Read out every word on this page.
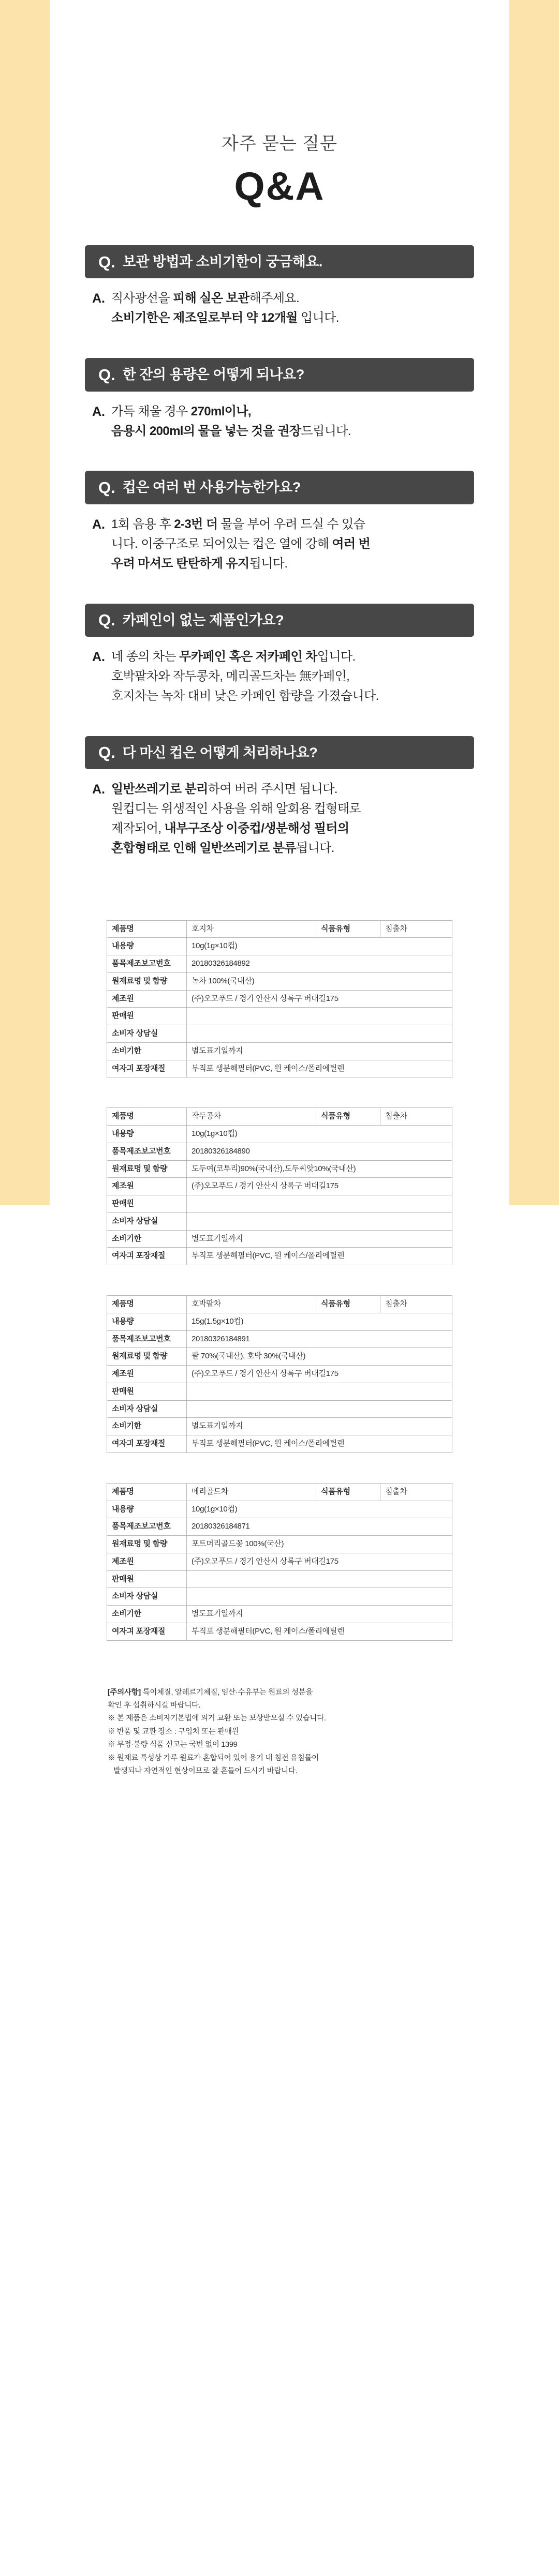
자주 묻는 질문
Q&A
Q. 보관 방법과 소비기한이 궁금해요.
A. 직사광선을 피해 실온 보관해주세요.
소비기한은 제조일로부터 약 12개월 입니다.
Q. 한 잔의 용량은 어떻게 되나요?
A. 가득 채울 경우 270ml이나,
음용시 200ml의 물을 넣는 것을 권장드립니다.
Q. 컵은 여러 번 사용가능한가요?
A. 1회 음용 후 2-3번 더 물을 부어 우려 드실 수 있습
니다. 이중구조로 되어있는 컵은 열에 강해 여러 번
우려 마셔도 탄탄하게 유지됩니다.
Q. 카페인이 없는 제품인가요?
A. 네 종의 차는 무카페인 혹은 저카페인 차입니다.
호박팥차와 작두콩차, 메리골드차는 無카페인,
호지차는 녹차 대비 낮은 카페인 함량을 가졌습니다.
Q. 다 마신 컵은 어떻게 처리하나요?
A. 일반쓰레기로 분리하여 버려 주시면 됩니다.
원컵디는 위생적인 사용을 위해 알회용 컵형태로
제작되어, 내부구조상 이중컵/생분해성 필터의
혼합형태로 인해 일반쓰레기로 분류됩니다.
제품명	호지차	식품유형	침출차
내용량	10g(1g×10컵)		
품목제조보고번호	20180326184892		
원재료명 및 함량	녹차 100%(국내산)		
제조원	(주)오모푸드 / 경기 안산시 상록구 버대길175		
판매원			
소비자 상담실			
소비기한	별도표기일까지		
여자긔 포장재질	부직포 생분해필터(PVC, 원 케이스/폴리에틸렌		
제품명	작두콩차	식품유형	침출차
내용량	10g(1g×10컵)		
품목제조보고번호	20180326184890		
원재료명 및 함량	도두여(코투리)90%(국내산),도두씨앗10%(국내산)		
제조원	(주)오모푸드 / 경기 안산시 상록구 버대길175		
판매원			
소비자 상담실			
소비기한	별도표기일까지		
여자긔 포장재질	부직포 생분해필터(PVC, 원 케이스/폴리에틸렌		
제품명	호박팥차	식품유형	침출차
내용량	15g(1.5g×10컵)		
품목제조보고번호	20180326184891		
원재료명 및 함량	팥 70%(국내산), 호박 30%(국내산)		
제조원	(주)오모푸드 / 경기 안산시 상록구 버대길175		
판매원			
소비자 상담실			
소비기한	별도표기일까지		
여자긔 포장재질	부직포 생분해필터(PVC, 원 케이스/폴리에틸렌		
제품명	메리골드차	식품유형	침출차
내용량	10g(1g×10컵)		
품목제조보고번호	20180326184871		
원재료명 및 함량	포트머리골드꽃 100%(국산)		
제조원	(주)오모푸드 / 경기 안산시 상록구 버대길175		
판매원			
소비자 상담실			
소비기한	별도표기일까지		
여자긔 포장재질	부직포 생분해필터(PVC, 원 케이스/폴리에틸렌		

[주의사항] 특이체질, 알레르기체질, 임산·수유부는 원료의 성분을

확인 후 섭취하시길 바랍니다.

※ 본 제품은 소비자기본법에 의거 교환 또는 보상받으실 수 있습니다.

※ 반품 및 교환 장소 : 구입처 또는 판매원

※ 부정·불량 식품 신고는 국번 없이 1399

※ 원재료 특성상 가루 원료가 혼합되어 있어 용기 내 침전 유침물이

발생되나 자연적인 현상이므로 잘 흔들어 드시기 바랍니다.
